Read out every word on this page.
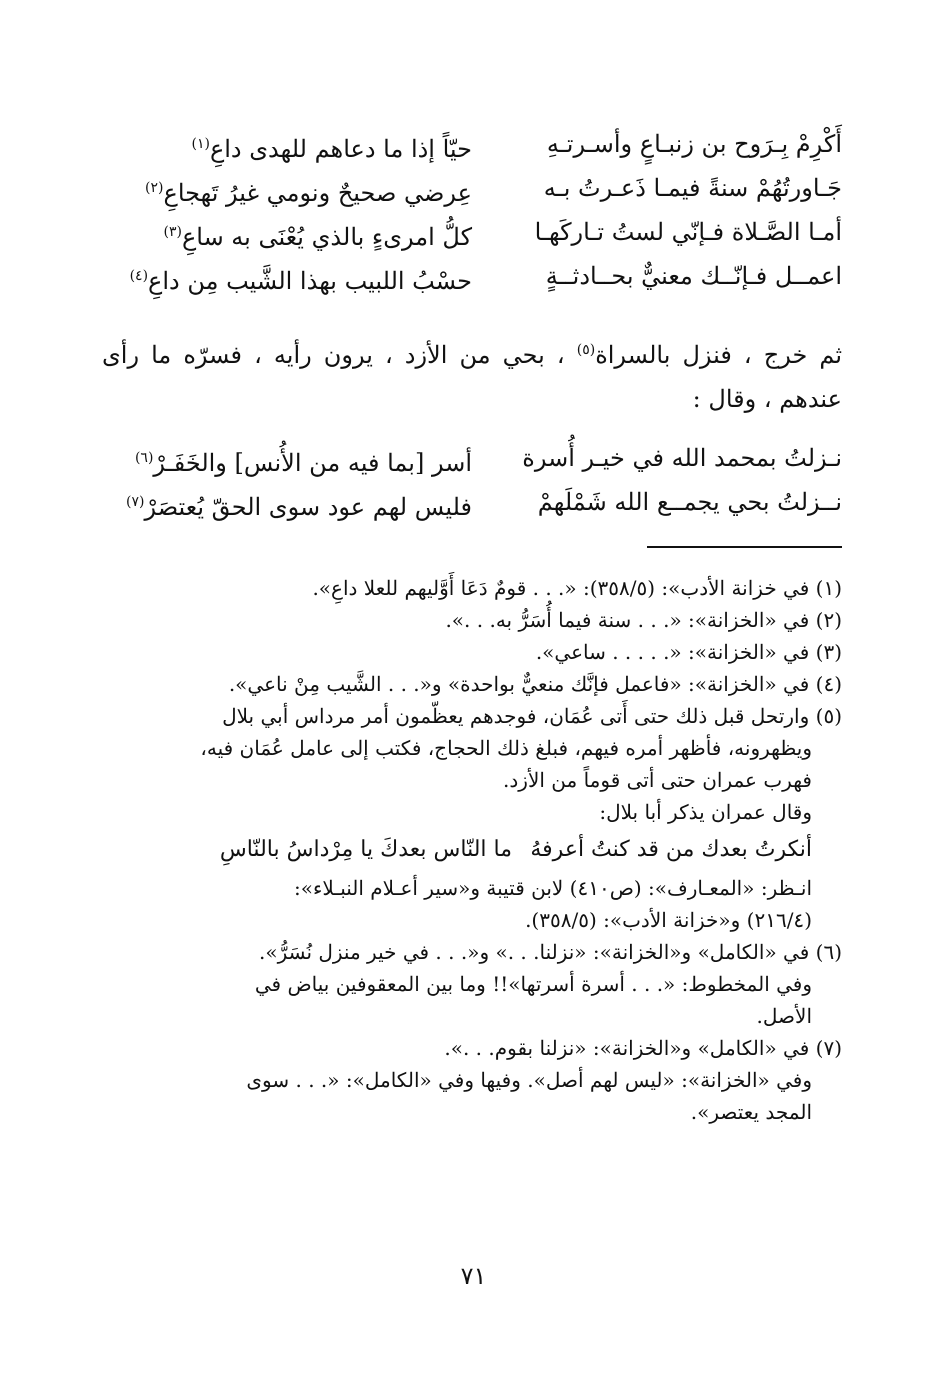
أَكْرِمْ بِـرَوح بن زنبـاعٍ وأسـرتـهِ
حيّاً إذا ما دعاهم للهدى داعِ$^{(١)}$
جَـاورتُهُمْ سنةً فيمـا ذَعـرتُ بـه
عِرضي صحيحٌ ونومي غيرُ تَهجاعِ$^{(٢)}$
أمـا الصَّـلاة فـإنّي لستُ تـاركَهـا
كلُّ امرىءٍ بالذي يُعْنَى به ساعِ$^{(٣)}$
اعمــل فـإنّــك معنيٌّ بحــادثــةٍ
حسْبُ اللبيب بهذا الشَّيب مِن داعِ$^{(٤)}$
ثم خرج ، فنزل بالسراة$^{(٥)}$ ، بحي من الأزد ، يرون رأيه ، فسرّه ما رأى عندهم ، وقال :
نـزلتُ بمحمد الله في خيـر أُسرة
أسر [بما فيه من الأُنس] والخَفَـرْ$^{(٦)}$
نــزلتُ بحي يجمــع الله شَمْلَهمْ
فليس لهم عود سوى الحقّ يُعتصَرْ$^{(٧)}$
(١) في خزانة الأدب»: (٣٥٨/٥): «. . . قومٌ دَعَا أَوَّليهم للعلا داعِ».
(٢) في «الخزانة»: «. . . سنة فيما أُسَرُّ به. . .».
(٣) في «الخزانة»: «. . . . . ساعي».
(٤) في «الخزانة»: «فاعمل فإنَّك منعيٌّ بواحدة» و«. . . الشَّيب مِنْ ناعي».
(٥) وارتحل قبل ذلك حتى أَتى عُمَان، فوجدهم يعظّمون أمر مرداس أبي بلال
ويظهرونه، فأظهر أمره فيهم، فبلغ ذلك الحجاج، فكتب إلى عامل عُمَان فيه،
فهرب عمران حتى أتى قوماً من الأزد.
وقال عمران يذكر أبا بلال:
أنكرتُ بعدك من قد كنتُ أعرفهُ
ما النّاس بعدكَ يا مِرْداسُ بالنّاسِ
انـظر: «المعـارف»: (ص٤١٠) لابن قتيبة و«سير أعـلام النبـلاء»:
(٢١٦/٤) و«خزانة الأدب»: (٣٥٨/٥).
(٦) في «الكامل» و«الخزانة»: «نزلنا. . .» و«. . . في خير منزل نُسَرُّ».
وفي المخطوط: «. . . أسرة أسرتها»!! وما بين المعقوفين بياض في
الأصل.
(٧) في «الكامل» و«الخزانة»: «نزلنا بقوم. . .».
وفي «الخزانة»: «ليس لهم أصل». وفيها وفي «الكامل»: «. . . سوى
المجد يعتصر».
٧١
